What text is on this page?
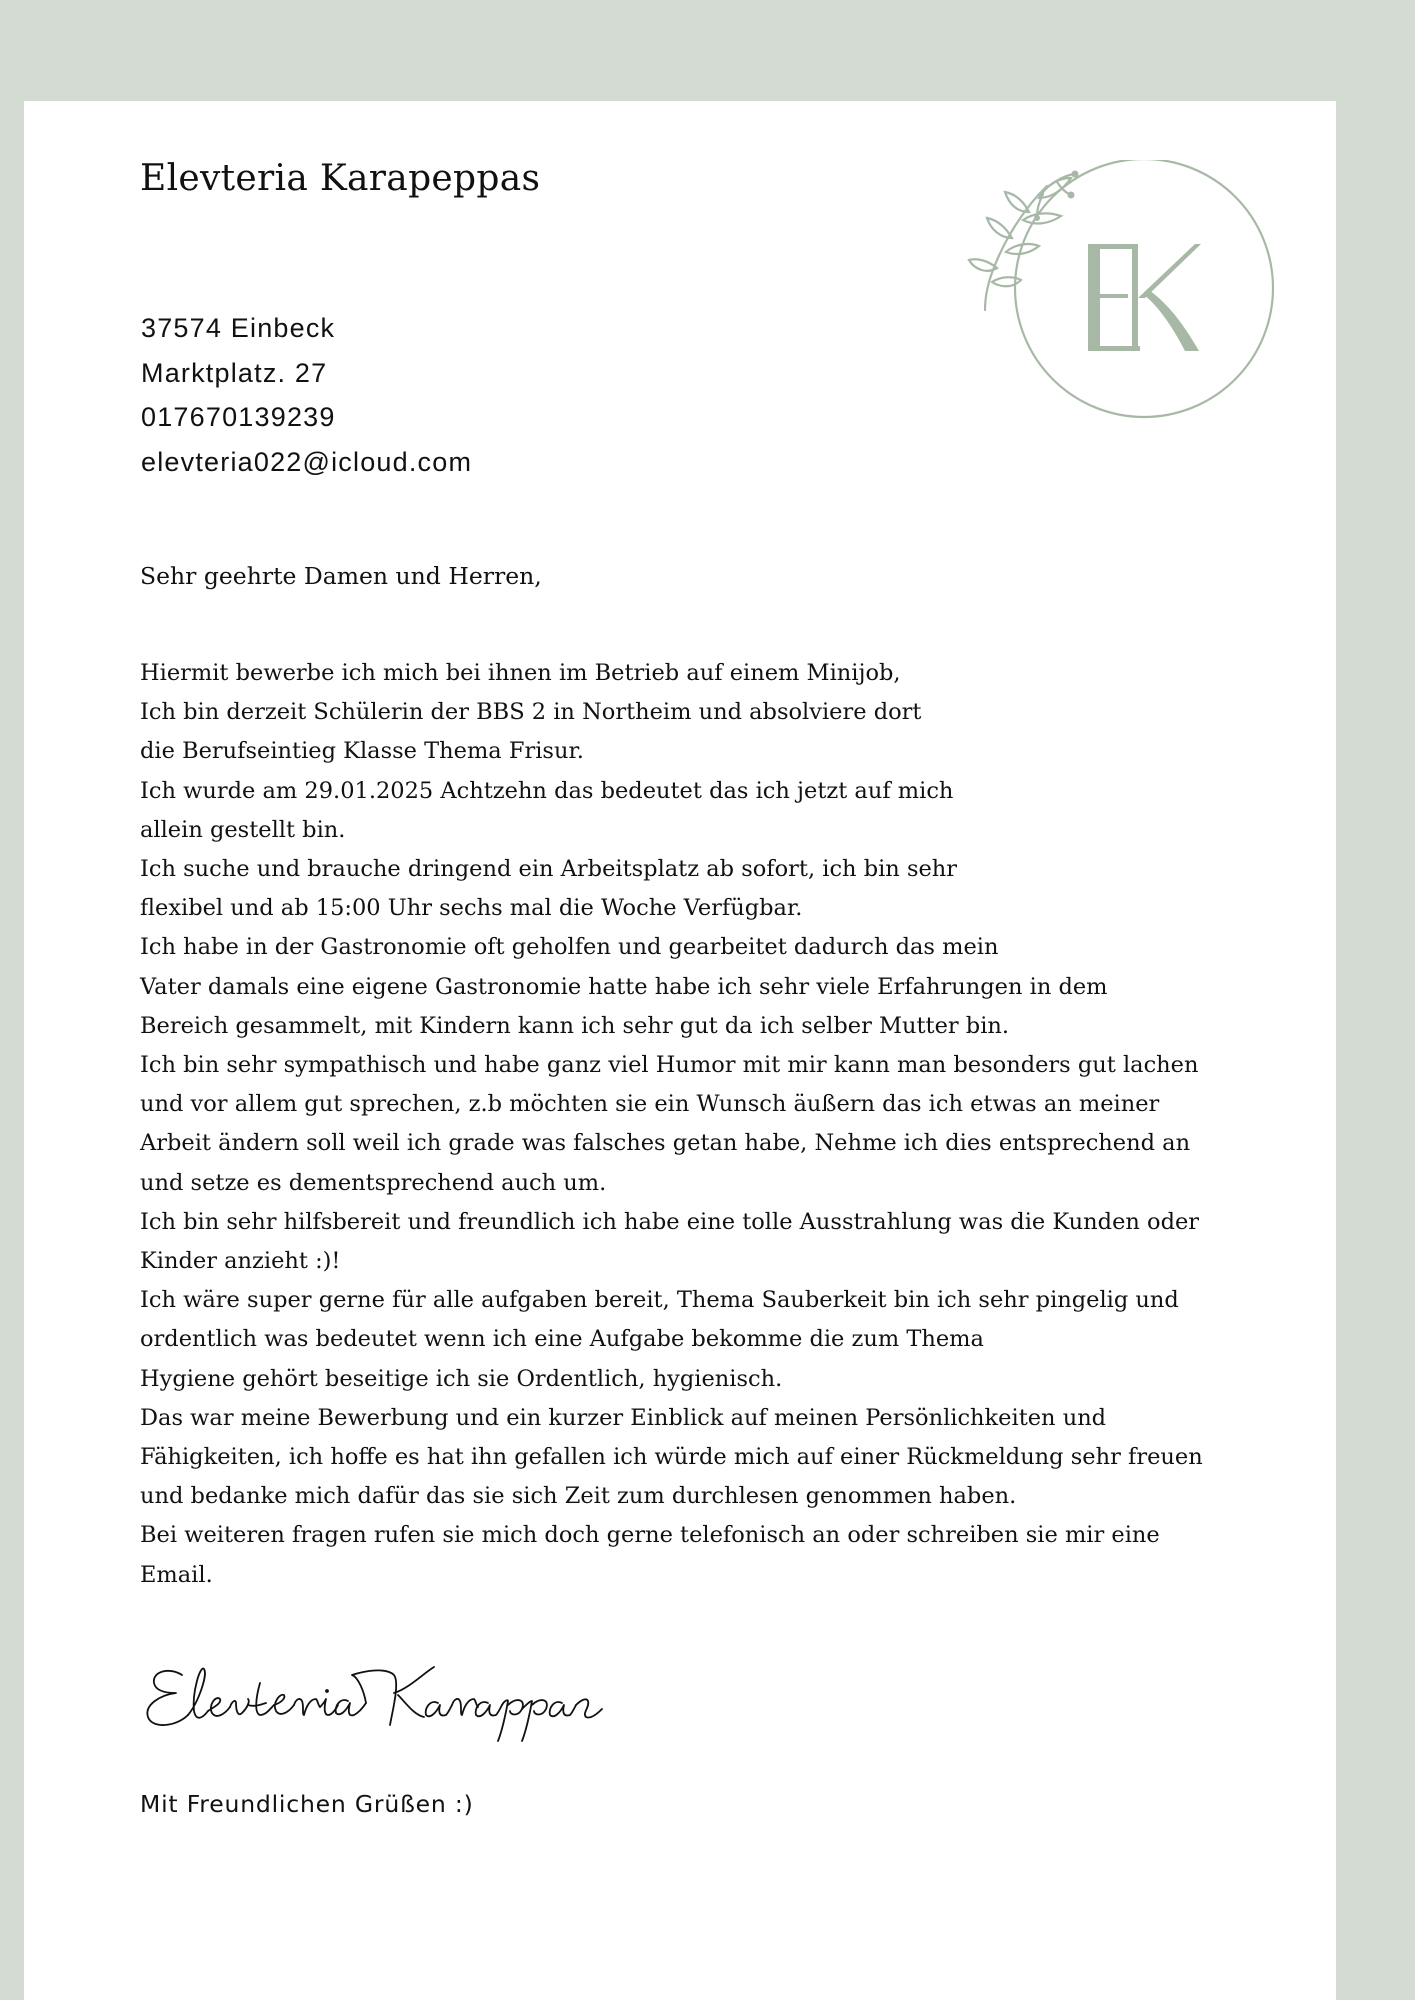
Elevteria Karapeppas
37574 Einbeck
Marktplatz. 27
017670139239
elevteria022@icloud.com

Sehr geehrte Damen und Herren,

Hiermit bewerbe ich mich bei ihnen im Betrieb auf einem Minijob,
Ich bin derzeit Schülerin der BBS 2 in Northeim und absolviere dort
die Berufseintieg Klasse Thema Frisur.
Ich wurde am 29.01.2025 Achtzehn das bedeutet das ich jetzt auf mich
allein gestellt bin.
Ich suche und brauche dringend ein Arbeitsplatz ab sofort, ich bin sehr
flexibel und ab 15:00 Uhr sechs mal die Woche Verfügbar.
Ich habe in der Gastronomie oft geholfen und gearbeitet dadurch das mein
Vater damals eine eigene Gastronomie hatte habe ich sehr viele Erfahrungen in dem
Bereich gesammelt, mit Kindern kann ich sehr gut da ich selber Mutter bin.
Ich bin sehr sympathisch und habe ganz viel Humor mit mir kann man besonders gut lachen
und vor allem gut sprechen, z.b möchten sie ein Wunsch äußern das ich etwas an meiner
Arbeit ändern soll weil ich grade was falsches getan habe, Nehme ich dies entsprechend an
und setze es dementsprechend auch um.
Ich bin sehr hilfsbereit und freundlich ich habe eine tolle Ausstrahlung was die Kunden oder
Kinder anzieht :)!
Ich wäre super gerne für alle aufgaben bereit, Thema Sauberkeit bin ich sehr pingelig und
ordentlich was bedeutet wenn ich eine Aufgabe bekomme die zum Thema
Hygiene gehört beseitige ich sie Ordentlich, hygienisch.
Das war meine Bewerbung und ein kurzer Einblick auf meinen Persönlichkeiten und
Fähigkeiten, ich hoffe es hat ihn gefallen ich würde mich auf einer Rückmeldung sehr freuen
und bedanke mich dafür das sie sich Zeit zum durchlesen genommen haben.
Bei weiteren fragen rufen sie mich doch gerne telefonisch an oder schreiben sie mir eine
Email.

Mit Freundlichen Grüßen :)
